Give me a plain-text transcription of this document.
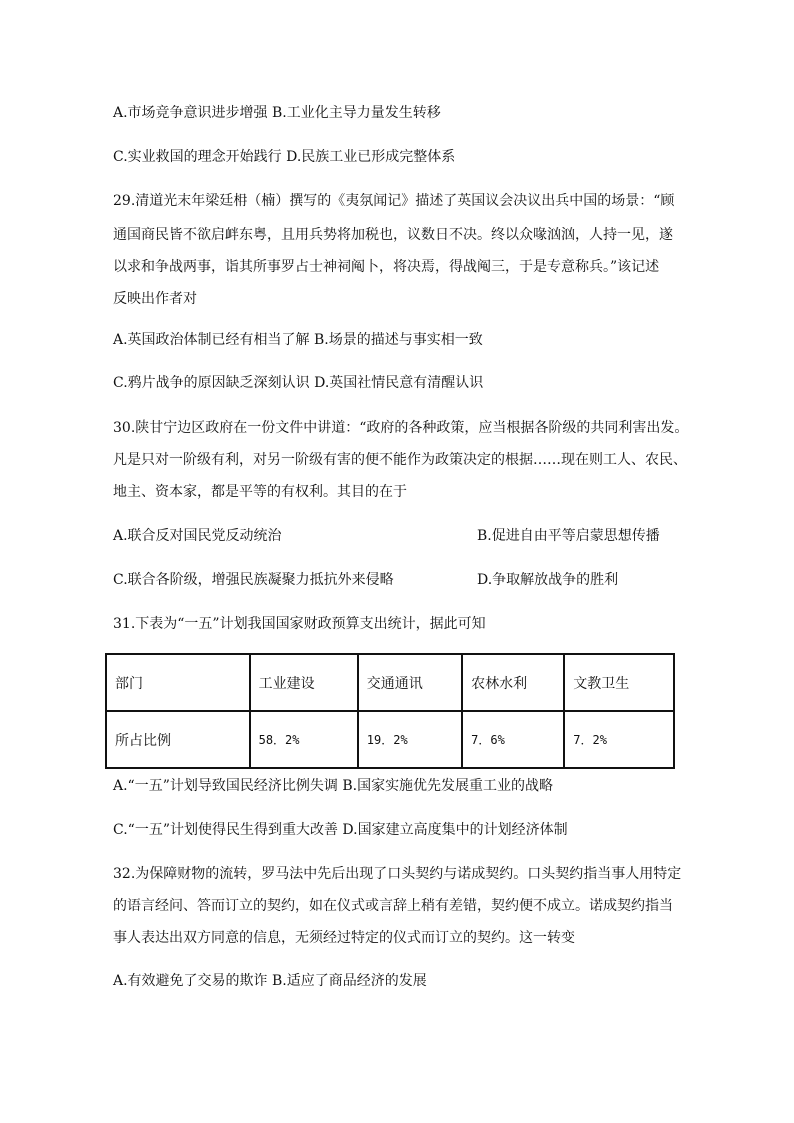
A.市场竞争意识进步增强 B.工业化主导力量发生转移
C.实业救国的理念开始践行 D.民族工业已形成完整体系
29.清道光末年梁廷枏（楠）撰写的《夷氛闻记》描述了英国议会决议出兵中国的场景：“顾
通国商民皆不欲启衅东粤，且用兵势将加税也，议数日不决。终以众喙汹汹，人持一见，遂
以求和争战两事，诣其所事罗占士神祠阄卜，将决焉，得战阄三，于是专意称兵。”该记述
反映出作者对
A.英国政治体制已经有相当了解 B.场景的描述与事实相一致
C.鸦片战争的原因缺乏深刻认识 D.英国社情民意有清醒认识
30.陕甘宁边区政府在一份文件中讲道：“政府的各种政策，应当根据各阶级的共同利害出发。
凡是只对一阶级有利，对另一阶级有害的便不能作为政策决定的根据……现在则工人、农民、
地主、资本家，都是平等的有权利。其目的在于
A.联合反对国民党反动统治	B.促进自由平等启蒙思想传播
C.联合各阶级，增强民族凝聚力抵抗外来侵略	D.争取解放战争的胜利
31.下表为“一五”计划我国国家财政预算支出统计，据此可知
部门	工业建设	交通通讯	农林水利	文教卫生
所占比例	58．2%	19．2%	7．6%	7．2%
A.“一五”计划导致国民经济比例失调 B.国家实施优先发展重工业的战略
C.“一五”计划使得民生得到重大改善 D.国家建立高度集中的计划经济体制
32.为保障财物的流转，罗马法中先后出现了口头契约与诺成契约。口头契约指当事人用特定
的语言经问、答而订立的契约，如在仪式或言辞上稍有差错，契约便不成立。诺成契约指当
事人表达出双方同意的信息，无须经过特定的仪式而订立的契约。这一转变
A.有效避免了交易的欺诈 B.适应了商品经济的发展
